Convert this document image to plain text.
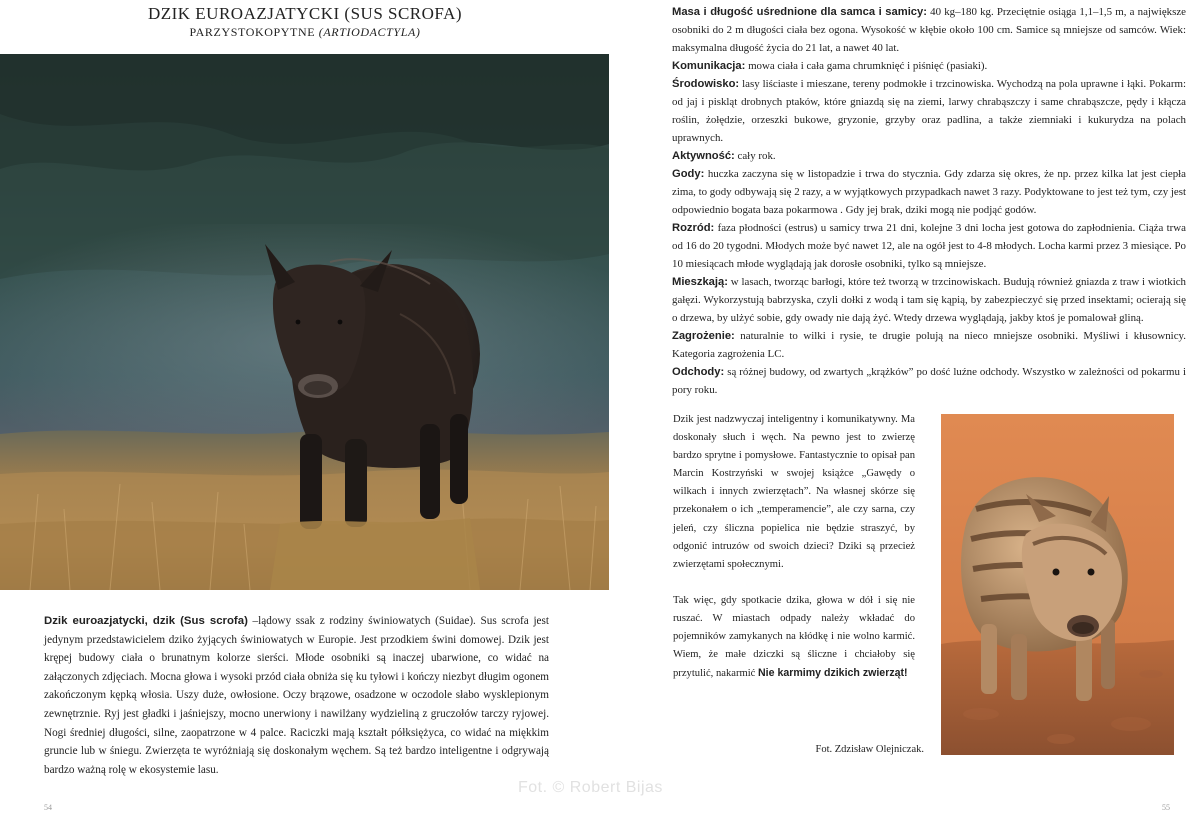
DZIK EUROAZJATYCKI (SUS SCROFA)
PARZYSTOKOPYTNE (ARTIODACTYLA)
Dzik euroazjatycki, dzik (Sus scrofa) –lądowy ssak z rodziny świniowatych (Suidae). Sus scrofa jest jedynym przedstawicielem dziko żyjących świniowatych w Europie. Jest przodkiem świni domowej. Dzik jest krępej budowy ciała o brunatnym kolorze sierści. Młode osobniki są inaczej ubarwione, co widać na załączonych zdjęciach. Mocna głowa i wysoki przód ciała obniża się ku tyłowi i kończy niezbyt długim ogonem zakończonym kępką włosia. Uszy duże, owłosione. Oczy brązowe, osadzone w oczodole słabo wysklepionym zewnętrznie. Ryj jest gładki i jaśniejszy, mocno unerwiony i nawilżany wydzieliną z gruczołów tarczy ryjowej. Nogi średniej długości, silne, zaopatrzone w 4 palce. Raciczki mają kształt półksiężyca, co widać na miękkim gruncie lub w śniegu. Zwierzęta te wyróżniają się doskonałym węchem. Są też bardzo inteligentne i odgrywają bardzo ważną rolę w ekosystemie lasu.
54

Masa i długość uśrednione dla samca i samicy: 40 kg–180 kg. Przeciętnie osiąga 1,1–1,5 m, a największe osobniki do 2 m długości ciała bez ogona. Wysokość w kłębie około 100 cm. Samice są mniejsze od samców. Wiek: maksymalna długość życia do 21 lat, a nawet 40 lat.

Komunikacja: mowa ciała i cała gama chrumknięć i piśnięć (pasiaki).

Środowisko: lasy liściaste i mieszane, tereny podmokłe i trzcinowiska. Wychodzą na pola uprawne i łąki. Pokarm: od jaj i piskląt drobnych ptaków, które gniazdą się na ziemi, larwy chrabąszczy i same chrabąszcze, pędy i kłącza roślin, żołędzie, orzeszki bukowe, gryzonie, grzyby oraz padlina, a także ziemniaki i kukurydza na polach uprawnych.

Aktywność: cały rok.

Gody: huczka zaczyna się w listopadzie i trwa do stycznia. Gdy zdarza się okres, że np. przez kilka lat jest ciepła zima, to gody odbywają się 2 razy, a w wyjątkowych przypadkach nawet 3 razy. Podyktowane to jest też tym, czy jest odpowiednio bogata baza pokarmowa . Gdy jej brak, dziki mogą nie podjąć godów.

Rozród: faza płodności (estrus) u samicy trwa 21 dni, kolejne 3 dni locha jest gotowa do zapłodnienia. Ciąża trwa od 16 do 20 tygodni. Młodych może być nawet 12, ale na ogół jest to 4-8 młodych. Locha karmi przez 3 miesiące. Po 10 miesiącach młode wyglądają jak dorosłe osobniki, tylko są mniejsze.

Mieszkają: w lasach, tworząc barłogi, które też tworzą w trzcinowiskach. Budują również gniazda z traw i wiotkich gałęzi. Wykorzystują babrzyska, czyli dołki z wodą i tam się kąpią, by zabezpieczyć się przed insektami; ocierają się o drzewa, by ulżyć sobie, gdy owady nie dają żyć. Wtedy drzewa wyglądają, jakby ktoś je pomalował gliną.

Zagrożenie: naturalnie to wilki i rysie, te drugie polują na nieco mniejsze osobniki. Myśliwi i kłusownicy. Kategoria zagrożenia LC.

Odchody: są różnej budowy, od zwartych „krążków” po dość luźne odchody. Wszystko w zależności od pokarmu i pory roku.

Dzik jest nadzwyczaj inteligentny i komunikatywny. Ma doskonały słuch i węch. Na pewno jest to zwierzę bardzo sprytne i pomysłowe. Fantastycznie to opisał pan Marcin Kostrzyński w swojej książce „Gawędy o wilkach i innych zwierzętach”. Na własnej skórze się przekonałem o ich „temperamencie”, ale czy sarna, czy jeleń, czy śliczna popielica nie będzie straszyć, by odgonić intruzów od swoich dzieci? Dziki są przecież zwierzętami społecznymi.

Tak więc, gdy spotkacie dzika, głowa w dół i się nie ruszać. W miastach odpady należy wkładać do pojemników zamykanych na kłódkę i nie wolno karmić. Wiem, że małe dziczki są śliczne i chciałoby się przytulić, nakarmić Nie karmimy dzikich zwierząt!

Fot. Zdzisław Olejniczak.
55
Fot. © Robert Bijas
